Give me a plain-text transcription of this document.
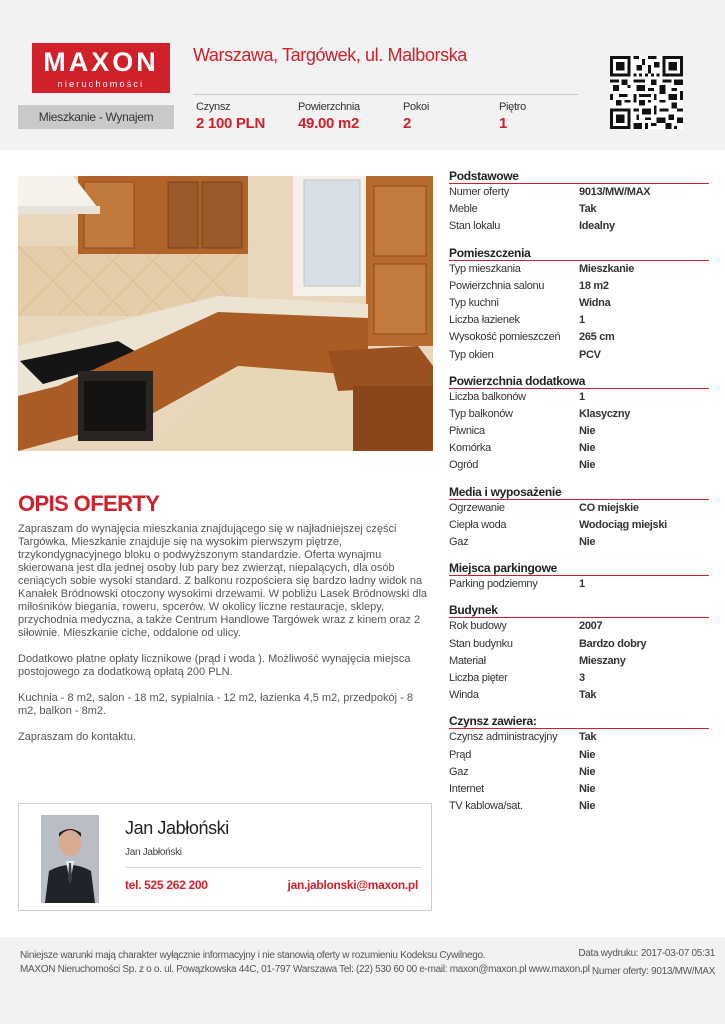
MAXON
nieruchomości
Warszawa, Targówek, ul. Malborska
Mieszkanie - Wynajem
Czynsz
2 100 PLN
Powierzchnia
49.00 m2
Pokoi
2
Piętro
1
OPIS OFERTY

Zapraszam do wynajęcia mieszkania znajdującego się w najładniejszej części Targówka. Mieszkanie znajduje się na wysokim pierwszym piętrze, trzykondygnacyjnego bloku o podwyższonym standardzie. Oferta wynajmu skierowana jest dla jednej osoby lub pary bez zwierząt, niepalących, dla osób ceniących sobie wysoki standard. Z balkonu rozpościera się bardzo ładny widok na Kanałek Bródnowski otoczony wysokimi drzewami. W pobliżu Lasek Bródnowski dla miłośników biegania, roweru, spcerów. W okolicy liczne restauracje, sklepy, przychodnia medyczna, a także Centrum Handlowe Targówek wraz z kinem oraz 2 siłownie. Mieszkanie ciche, oddalone od ulicy.

Dodatkowo płatne opłaty licznikowe (prąd i woda ). Możliwość wynajęcia miejsca postojowego za dodatkową opłatą 200 PLN.

Kuchnia - 8 m2, salon - 18 m2, sypialnia - 12 m2, łazienka 4,5 m2, przedpokój - 8 m2, balkon - 8m2.

Zapraszam do kontaktu.

Jan Jabłoński
Jan Jabłoński
tel. 525 262 200	jan.jablonski@maxon.pl
Podstawowe
Numer oferty	9013/MW/MAX
Meble	Tak
Stan lokalu	Idealny
Pomieszczenia
Typ mieszkania	Mieszkanie
Powierzchnia salonu	18 m2
Typ kuchni	Widna
Liczba łazienek	1
Wysokość pomieszczeń	265 cm
Typ okien	PCV
Powierzchnia dodatkowa
Liczba balkonów	1
Typ balkonów	Klasyczny
Piwnica	Nie
Komórka	Nie
Ogród	Nie
Media i wyposażenie
Ogrzewanie	CO miejskie
Ciepła woda	Wodociąg miejski
Gaz	Nie
Miejsca parkingowe
Parking podziemny	1
Budynek
Rok budowy	2007
Stan budynku	Bardzo dobry
Materiał	Mieszany
Liczba pięter	3
Winda	Tak
Czynsz zawiera:
Czynsz administracyjny	Tak
Prąd	Nie
Gaz	Nie
Internet	Nie
TV kablowa/sat.	Nie
Niniejsze warunki mają charakter wyłącznie informacyjny i nie stanowią oferty w rozumieniu Kodeksu Cywilnego.
MAXON Nieruchomości Sp. z o o. ul. Powązkowska 44C, 01-797 Warszawa Tel: (22) 530 60 00 e-mail: maxon@maxon.pl www.maxon.pl
Data wydruku: 2017-03-07 05:31
Numer oferty: 9013/MW/MAX
